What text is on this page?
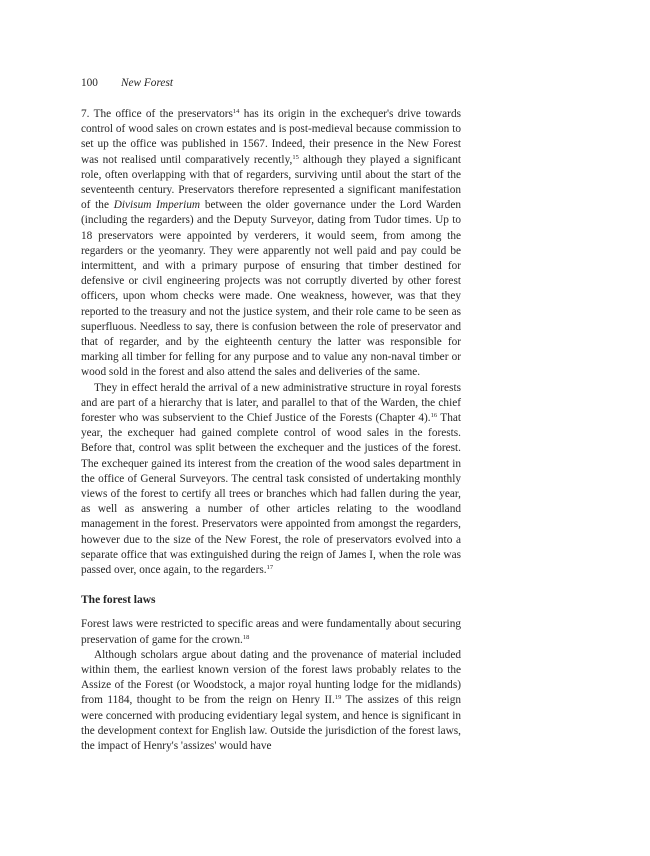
100	New Forest

7. The office of the preservators$^{14}$ has its origin in the exchequer's drive towards control of wood sales on crown estates and is post-medieval because commission to set up the office was published in 1567. Indeed, their presence in the New Forest was not realised until comparatively recently,$^{15}$ although they played a significant role, often overlapping with that of regarders, surviving until about the start of the seventeenth century. Preservators therefore represented a significant manifestation of the Divisum Imperium between the older governance under the Lord Warden (including the regarders) and the Deputy Surveyor, dating from Tudor times. Up to 18 preservators were appointed by verderers, it would seem, from among the regarders or the yeomanry. They were apparently not well paid and pay could be intermittent, and with a primary purpose of ensuring that timber destined for defensive or civil engineering projects was not corruptly diverted by other forest officers, upon whom checks were made. One weakness, however, was that they reported to the treasury and not the justice system, and their role came to be seen as superfluous. Needless to say, there is confusion between the role of preservator and that of regarder, and by the eighteenth century the latter was responsible for marking all timber for felling for any purpose and to value any non-naval timber or wood sold in the forest and also attend the sales and deliveries of the same.

They in effect herald the arrival of a new administrative structure in royal forests and are part of a hierarchy that is later, and parallel to that of the Warden, the chief forester who was subservient to the Chief Justice of the Forests (Chapter 4).$^{16}$ That year, the exchequer had gained complete control of wood sales in the forests. Before that, control was split between the exchequer and the justices of the forest. The exchequer gained its interest from the creation of the wood sales department in the office of General Surveyors. The central task consisted of undertaking monthly views of the forest to certify all trees or branches which had fallen during the year, as well as answering a number of other articles relating to the woodland management in the forest. Preservators were appointed from amongst the regarders, however due to the size of the New Forest, the role of preservators evolved into a separate office that was extinguished during the reign of James I, when the role was passed over, once again, to the regarders.$^{17}$

The forest laws

Forest laws were restricted to specific areas and were fundamentally about securing preservation of game for the crown.$^{18}$

Although scholars argue about dating and the provenance of material included within them, the earliest known version of the forest laws probably relates to the Assize of the Forest (or Woodstock, a major royal hunting lodge for the midlands) from 1184, thought to be from the reign on Henry II.$^{19}$ The assizes of this reign were concerned with producing evidentiary legal system, and hence is significant in the development context for English law. Outside the jurisdiction of the forest laws, the impact of Henry's 'assizes' would have
